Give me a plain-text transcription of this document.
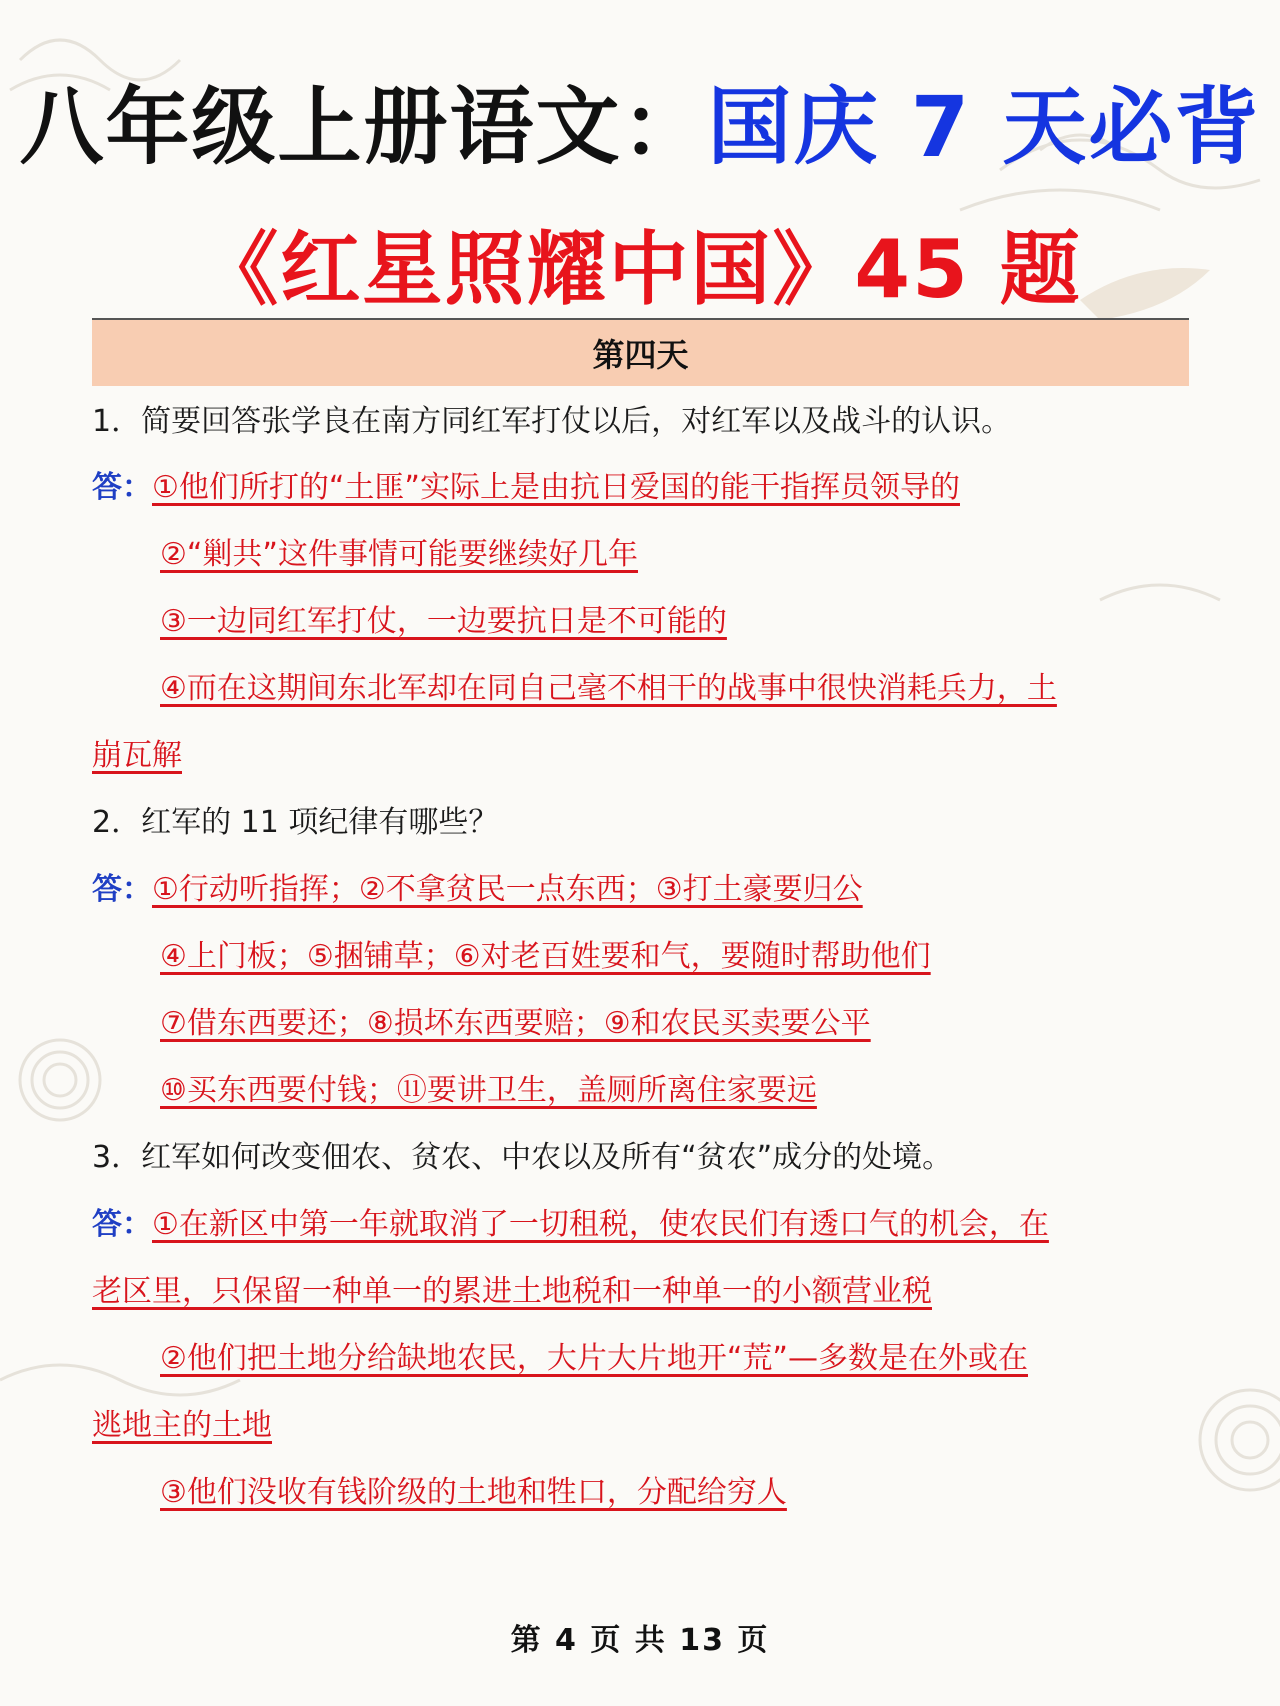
八年级上册语文：国庆 7 天必背
《红星照耀中国》45 题
第四天
1．简要回答张学良在南方同红军打仗以后，对红军以及战斗的认识。
答：①他们所打的“土匪”实际上是由抗日爱国的能干指挥员领导的
②“剿共”这件事情可能要继续好几年
③一边同红军打仗，一边要抗日是不可能的
④而在这期间东北军却在同自己毫不相干的战事中很快消耗兵力，土
崩瓦解
2．红军的 11 项纪律有哪些？
答：①行动听指挥；②不拿贫民一点东西；③打土豪要归公
④上门板；⑤捆铺草；⑥对老百姓要和气，要随时帮助他们
⑦借东西要还；⑧损坏东西要赔；⑨和农民买卖要公平
⑩买东西要付钱；⑪要讲卫生，盖厕所离住家要远
3．红军如何改变佃农、贫农、中农以及所有“贫农”成分的处境。
答：①在新区中第一年就取消了一切租税，使农民们有透口气的机会，在
老区里，只保留一种单一的累进土地税和一种单一的小额营业税
②他们把土地分给缺地农民，大片大片地开“荒”—多数是在外或在
逃地主的土地
③他们没收有钱阶级的土地和牲口，分配给穷人
第 4 页 共 13 页
